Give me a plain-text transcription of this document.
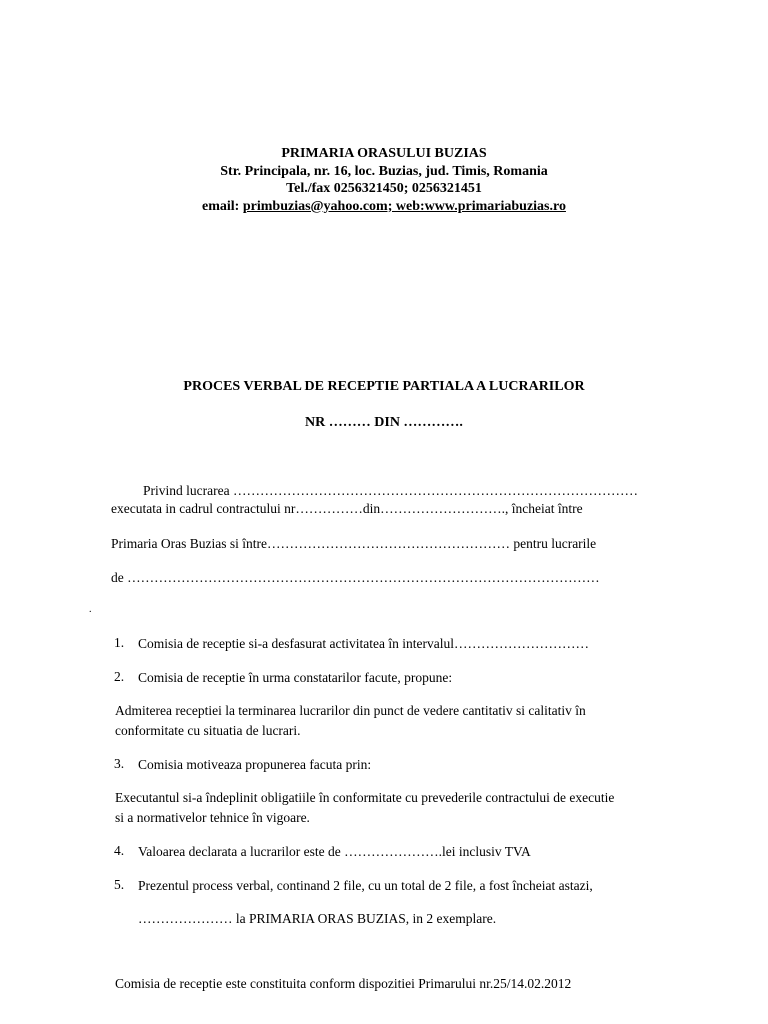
PRIMARIA ORASULUI BUZIAS
Str. Principala, nr. 16, loc. Buzias, jud. Timis, Romania
Tel./fax 0256321450; 0256321451
email: primbuzias@yahoo.com; web:www.primariabuzias.ro
PROCES VERBAL DE RECEPTIE PARTIALA A LUCRARILOR
NR ……… DIN ………….
Privind lucrarea ………………………………………………………………………………
executata in cadrul contractului nr……………din………………………., încheiat între
Primaria Oras Buzias si între……………………………………………… pentru lucrarile
de ……………………………………………………………………………………………
.
1. Comisia de receptie si-a desfasurat activitatea în intervalul…………………………
2. Comisia de receptie în urma constatarilor facute, propune:
Admiterea receptiei la terminarea lucrarilor din punct de vedere cantitativ si calitativ în
conformitate cu situatia de lucrari.
3. Comisia motiveaza propunerea facuta prin:
Executantul si-a îndeplinit obligatiile în conformitate cu prevederile contractului de executie
si a normativelor tehnice în vigoare.
4. Valoarea declarata a lucrarilor este de ………………….lei inclusiv TVA
5. Prezentul process verbal, continand 2 file, cu un total de 2 file, a fost încheiat astazi,
………………… la PRIMARIA ORAS BUZIAS, in 2 exemplare.
Comisia de receptie este constituita conform dispozitiei Primarului nr.25/14.02.2012
